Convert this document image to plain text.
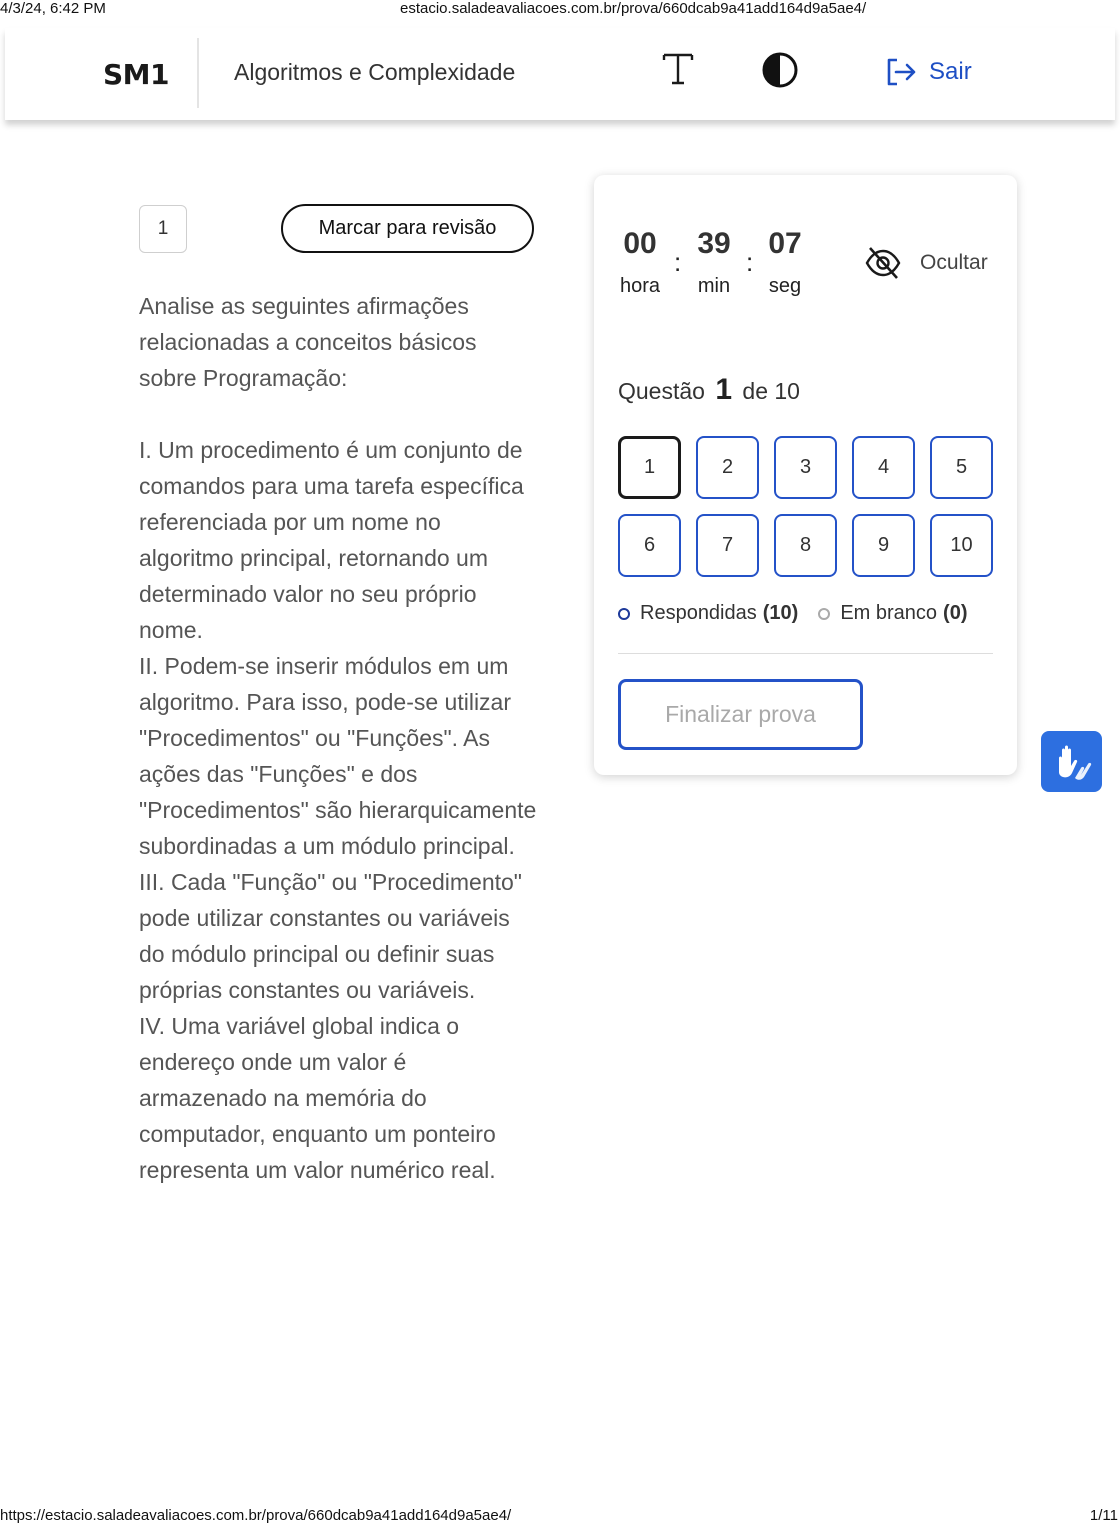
4/3/24, 6:42 PM	estacio.saladeavaliacoes.com.br/prova/660dcab9a41add164d9a5ae4/
SM1	Algoritmos e Complexidade	Sair
1	Marcar para revisão

Analise as seguintes afirmações relacionadas a conceitos básicos sobre Programação:

I. Um procedimento é um conjunto de comandos para uma tarefa específica referenciada por um nome no algoritmo principal, retornando um determinado valor no seu próprio nome.

II. Podem-se inserir módulos em um algoritmo. Para isso, pode-se utilizar "Procedimentos" ou "Funções". As ações das "Funções" e dos "Procedimentos" são hierarquicamente subordinadas a um módulo principal.

III. Cada "Função" ou "Procedimento" pode utilizar constantes ou variáveis do módulo principal ou definir suas próprias constantes ou variáveis.

IV. Uma variável global indica o endereço onde um valor é armazenado na memória do computador, enquanto um ponteiro representa um valor numérico real.

00
:
39
:
07
hora	min	seg
Ocultar
Questão 1 de 10
1	2	3	4	5
6	7	8	9	10
Respondidas (10) Em branco (0)
Finalizar prova
https://estacio.saladeavaliacoes.com.br/prova/660dcab9a41add164d9a5ae4/	1/11
